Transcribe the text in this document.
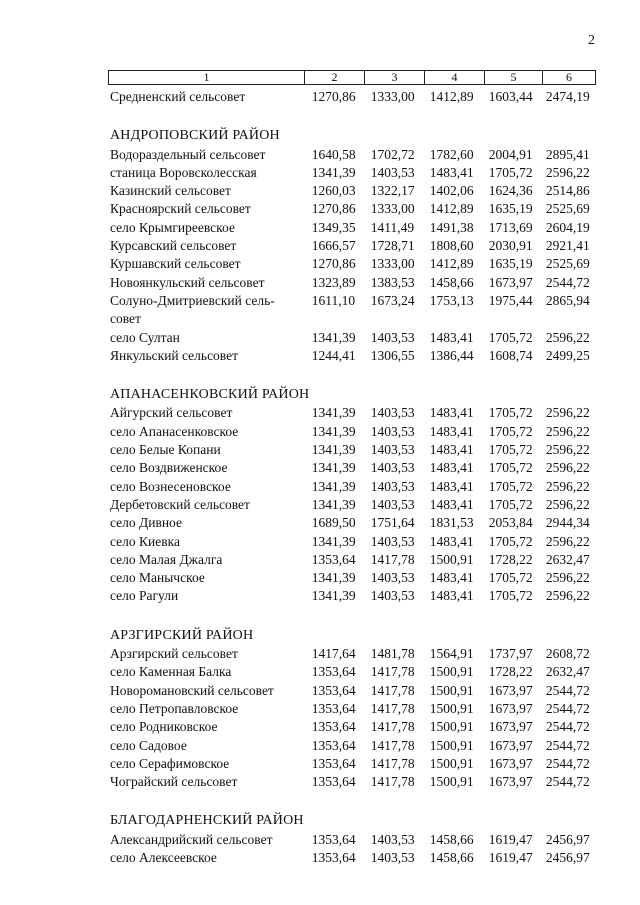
2
1	2	3	4	5	6
Средненский сельсовет	1270,86	1333,00	1412,89	1603,44 2474,19
АНДРОПОВСКИЙ РАЙОН
Водораздельный сельсовет	1640,58	1702,72	1782,60	2004,91 2895,41
станица Воровсколесская	1341,39	1403,53	1483,41	1705,72 2596,22
Казинский сельсовет	1260,03	1322,17	1402,06	1624,36 2514,86
Красноярский сельсовет	1270,86	1333,00	1412,89	1635,19 2525,69
село Крымгиреевское	1349,35	1411,49	1491,38	1713,69 2604,19
Курсавский сельсовет	1666,57	1728,71	1808,60	2030,91 2921,41
Куршавский сельсовет	1270,86	1333,00	1412,89	1635,19 2525,69
Новоянкульский сельсовет	1323,89	1383,53	1458,66	1673,97 2544,72
Солуно-Дмитриевский сель-	1611,10	1673,24	1753,13	1975,44 2865,94
совет
село Султан	1341,39	1403,53	1483,41	1705,72 2596,22
Янкульский сельсовет	1244,41	1306,55	1386,44	1608,74 2499,25
АПАНАСЕНКОВСКИЙ РАЙОН
Айгурский сельсовет	1341,39	1403,53	1483,41	1705,72 2596,22
село Апанасенковское	1341,39	1403,53	1483,41	1705,72 2596,22
село Белые Копани	1341,39	1403,53	1483,41	1705,72 2596,22
село Воздвиженское	1341,39	1403,53	1483,41	1705,72 2596,22
село Вознесеновское	1341,39	1403,53	1483,41	1705,72 2596,22
Дербетовский сельсовет	1341,39	1403,53	1483,41	1705,72 2596,22
село Дивное	1689,50	1751,64	1831,53	2053,84 2944,34
село Киевка	1341,39	1403,53	1483,41	1705,72 2596,22
село Малая Джалга	1353,64	1417,78	1500,91	1728,22 2632,47
село Манычское	1341,39	1403,53	1483,41	1705,72 2596,22
село Рагули	1341,39	1403,53	1483,41	1705,72 2596,22
АРЗГИРСКИЙ РАЙОН
Арзгирский сельсовет	1417,64	1481,78	1564,91	1737,97 2608,72
село Каменная Балка	1353,64	1417,78	1500,91	1728,22 2632,47
Новоромановский сельсовет	1353,64	1417,78	1500,91	1673,97 2544,72
село Петропавловское	1353,64	1417,78	1500,91	1673,97 2544,72
село Родниковское	1353,64	1417,78	1500,91	1673,97 2544,72
село Садовое	1353,64	1417,78	1500,91	1673,97 2544,72
село Серафимовское	1353,64	1417,78	1500,91	1673,97 2544,72
Чограйский сельсовет	1353,64	1417,78	1500,91	1673,97 2544,72
БЛАГОДАРНЕНСКИЙ РАЙОН
Александрийский сельсовет	1353,64	1403,53	1458,66	1619,47 2456,97
село Алексеевское	1353,64	1403,53	1458,66	1619,47 2456,97
